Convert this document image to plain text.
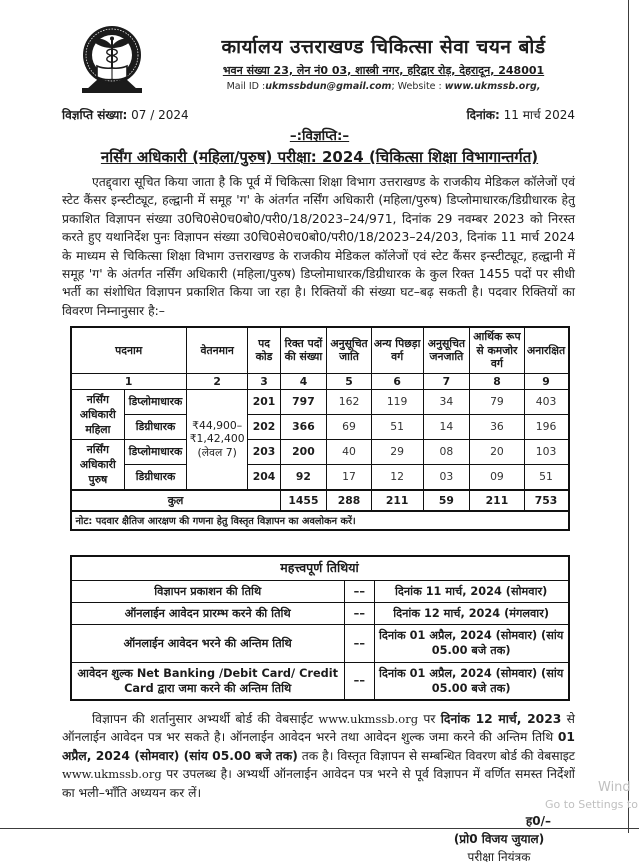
कार्यालय उत्तराखण्ड चिकित्सा सेवा चयन बोर्ड
भवन संख्या 23, लेन नं0 03, शास्त्री नगर, हरिद्वार रोड़, देहरादून, 248001
Mail ID :ukmssbdun@gmail.com; Website : www.ukmssb.org,
विज्ञप्ति संख्या: 07 / 2024	दिनांक: 11 मार्च 2024
–:विज्ञप्ति:–
नर्सिंग अधिकारी (महिला/पुरुष) परीक्षा: 2024 (चिकित्सा शिक्षा विभागान्तर्गत)

एतद्द्वारा सूचित किया जाता है कि पूर्व में चिकित्सा शिक्षा विभाग उत्तराखण्ड के राजकीय मेडिकल कॉलेजों एवं स्टेट कैंसर इन्स्टीट्यूट, हल्द्वानी में समूह 'ग' के अंतर्गत नर्सिंग अधिकारी (महिला/पुरुष) डिप्लोमाधारक/डिग्रीधारक हेतु प्रकाशित विज्ञापन संख्या उ0चि0से0च0बो0/परी0/18/2023–24/971, दिनांक 29 नवम्बर 2023 को निरस्त करते हुए यथानिर्देश पुनः विज्ञापन संख्या उ0चि0से0च0बो0/परी0/18/2023–24/203, दिनांक 11 मार्च 2024 के माध्यम से चिकित्सा शिक्षा विभाग उत्तराखण्ड के राजकीय मेडिकल कॉलेजों एवं स्टेट कैंसर इन्स्टीट्यूट, हल्द्वानी में समूह 'ग' के अंतर्गत नर्सिंग अधिकारी (महिला/पुरुष) डिप्लोमाधारक/डिग्रीधारक के कुल रिक्त 1455 पदों पर सीधी भर्ती का संशोधित विज्ञापन प्रकाशित किया जा रहा है। रिक्तियों की संख्या घट–बढ़ सकती है। पदवार रिक्तियों का विवरण निम्नानुसार है:–

पदनाम		वेतनमान	पद कोड	रिक्त पदों की संख्या	अनुसूचित जाति	अन्य पिछड़ा वर्ग	अनुसूचित जनजाति	आर्थिक रूप से कमजोर वर्ग	अनारक्षित
1		2	3	4	5	6	7	8	9
नर्सिंग अधिकारी महिला	डिप्लोमाधारक	₹44,900– ₹1,42,400 (लेवल 7)	201	797	162	119	34	79	403
	डिग्रीधारक		202	366	69	51	14	36	196
नर्सिंग अधिकारी पुरुष	डिप्लोमाधारक		203	200	40	29	08	20	103
	डिग्रीधारक		204	92	17	12	03	09	51
कुल				1455	288	211	59	211	753
नोट: पदवार क्षैतिज आरक्षण की गणना हेतु विस्तृत विज्ञापन का अवलोकन करें।									
महत्त्वपूर्ण तिथियां		
विज्ञापन प्रकाशन की तिथि	––	दिनांक 11 मार्च, 2024 (सोमवार)
ऑनलाईन आवेदन प्रारम्भ करने की तिथि	––	दिनांक 12 मार्च, 2024 (मंगलवार)
ऑनलाईन आवेदन भरने की अन्तिम तिथि	––	दिनांक 01 अप्रैल, 2024 (सोमवार) (सांय 05.00 बजे तक)
आवेदन शुल्क Net Banking /Debit Card/ Credit Card द्वारा जमा करने की अन्तिम तिथि	––	दिनांक 01 अप्रैल, 2024 (सोमवार) (सांय 05.00 बजे तक)

विज्ञापन की शर्तानुसार अभ्यर्थी बोर्ड की वेबसाईट www.ukmssb.org पर दिनांक 12 मार्च, 2023 से ऑनलाईन आवेदन पत्र भर सकते है। ऑनलाईन आवेदन भरने तथा आवेदन शुल्क जमा करने की अन्तिम तिथि 01 अप्रैल, 2024 (सोमवार) (सांय 05.00 बजे तक) तक है। विस्तृत विज्ञापन से सम्बन्धित विवरण बोर्ड की वेबसाइट www.ukmssb.org पर उपलब्ध है। अभ्यर्थी ऑनलाईन आवेदन पत्र भरने से पूर्व विज्ञापन में वर्णित समस्त निर्देशों का भली–भाँति अध्ययन कर लें।

ह0/–
(प्रो0 विजय जुयाल)
परीक्षा नियंत्रक
Wind
Go to Settings to
